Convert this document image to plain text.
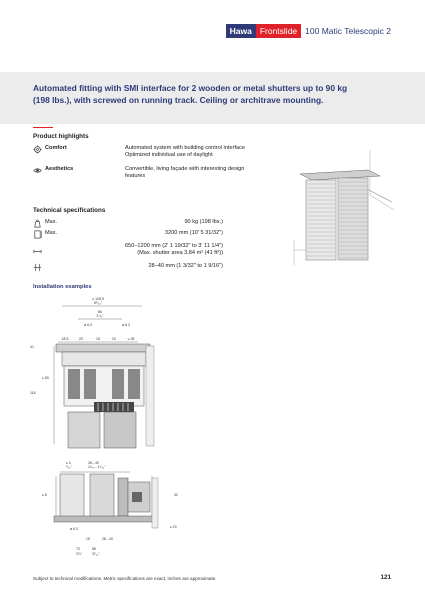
Hawa Frontslide 100 Matic Telescopic 2
Automated fitting with SMI interface for 2 wooden or metal shutters up to 90 kg (198 lbs.), with screwed on running track. Ceiling or architrave mounting.
Product highlights
Comfort	Automated system with building control interface
Optimized individual use of daylight
Aesthetics	Convertible, living façade with interesting design
features
Technical specifications
Max.	90 kg (198 lbs.)
Max.	3200 mm (10' 5 31/32")
650–1200 mm (2' 1 19/32" to 3' 11 1/4")
(Max. shutter area 3.84 m² (41 ft²))
28–40 mm (1 3/32" to 1 9/16")
Installation examples
≥ 128.5
5⁵⁄₃₂"
86
3 ³⁄₈"
ø 6.3	ø 6.3
18.5	20	15	20	≤ 28
41
≥ 80
116
≤ 4	28…40
⁵⁄₃₂"	1³⁄₃₂…1⁹⁄₁₆"
≥ 8	32
ø 6.3
15	28…40
73	88
2⅞"	3⁷⁄₁₆"
≥ 20
Subject to technical modifications. Metric specifications are exact, inches are approximate.	121
